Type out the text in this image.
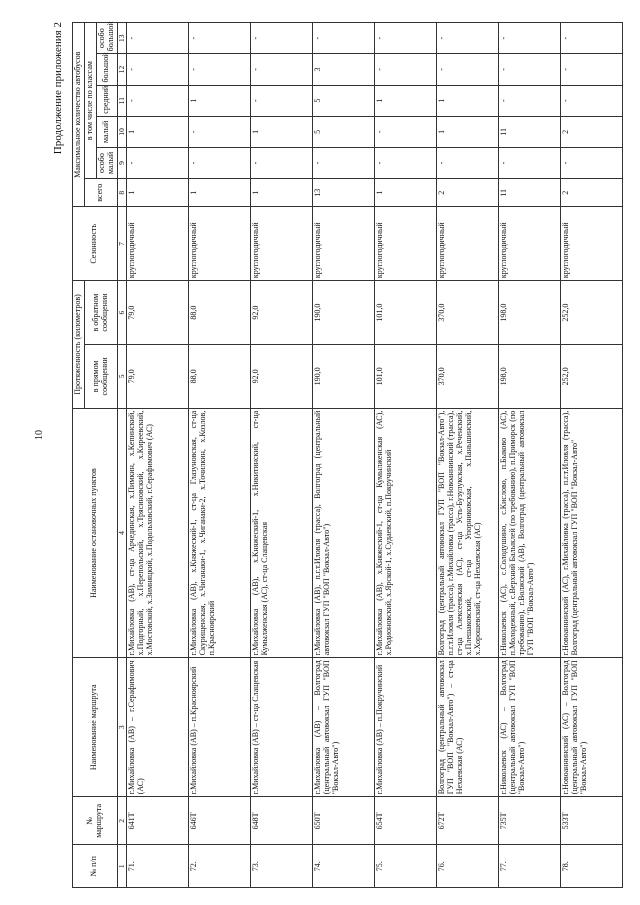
10
Продолжение приложения 2
№ п/п	№ маршрута	Наименование маршрута	Наименование остановочных пунктов	Протяженность (километров)		Сезонность	Максимальное количество автобусов					
				в прямом сообщении	в обратном сообщении		всего	в том числе по классам				
								особо малый	малый	средний	большой	особо большой
1	2	3	4	5	6	7	8	9	10	11	12	13
71.	641Т	г.Михайловка (АВ) – г.Серафимович (АС)	г.Михайловка (АВ), ст-ца Арчединская, х.Пимкин, х.Кепинский, х.Подгорный, х.Перепольский, х.Трясиновский, х.Киреевский, х.Мостовской, х.Зимняцкий, х.Подольховский, г.Серафимович (АС)	79,0	79,0	круглогодичный	1	-	1	-	-	-
72.	646Т	г.Михайловка (АВ) – п.Красноярский	г.Михайловка (АВ), х.Княжеский-1, ст-ца Глазуновская, ст-ца Скурищенская, х.Чиганаки-1, х.Чиганаки-2, х.Точилкин, х.Козлов, п.Красноярский	88,0	88,0	круглогодичный	1	-	-	1	-	-
73.	648Т	г.Михайловка (АВ) – ст-ца Слащевская	г.Михайловка (АВ), х.Княжеский-1, х.Никитинский, ст-ца Кумылженская (АС), ст-ца Слащевская	92,0	92,0	круглогодичный	1	-	1	-	-	-
74.	650Т	г.Михайловка (АВ) – Волгоград (центральный автовокзал ГУП "ВОП "Вокзал-Авто")	г.Михайловка (АВ), п.г.т.Иловля (трасса), Волгоград (центральный автовокзал ГУП "ВОП "Вокзал-Авто")	190,0	190,0	круглогодичный	13	-	5	5	3	-
75.	654Т	г.Михайловка (АВ) – п.Покручинский	г.Михайловка (АВ), х.Княжеский-1, ст-ца Кумылженская (АС), х.Родионовский, х.Ярской-1, х.Судаевский, п.Покручинский	101,0	101,0	круглогодичный	1	-	-	1	-	-
76.	672Т	Волгоград (центральный автовокзал ГУП "ВОП "Вокзал-Авто") – ст-ца Нехаевская (АС)	Волгоград (центральный автовокзал ГУП "ВОП "Вокзал-Авто"), п.г.т.Иловля (трасса), г.Михайловка (трасса), г.Новоаннинский (трасса), ст-ца Алексеевская (АС), ст-ца Усть-Бузулукская, х.Реченский, х.Плешаковский, ст-ца Упорниковская, х.Паньшинский, х.Хорошевский, ст-ца Нехаевская (АС)	370,0	370,0	круглогодичный	2	-	1	1	-	-
77.	735Т	г.Николаевск (АС) – Волгоград (центральный автовокзал ГУП "ВОП "Вокзал-Авто")	г.Николаевск (АС), с.Солодушино, с.Кислово, п.Быково (АС), п.Молодежный, с.Верхний Балыклей (по требованию), п.Приморск (по требованию), г.Волжский (АВ), Волгоград (центральный автовокзал ГУП "ВОП "Вокзал-Авто")	198,0	198,0	круглогодичный	11	-	11	-	-	-
78.	533Т	г.Новоаннинский (АС) – Волгоград (центральный автовокзал ГУП "ВОП "Вокзал-Авто")	г.Новоаннинский (АС), г.Михайловка (трасса), п.г.т.Иловля (трасса), Волгоград (центральный автовокзал ГУП "ВОП "Вокзал-Авто"	252,0	252,0	круглогодичный	2	-	2	-	-	-
